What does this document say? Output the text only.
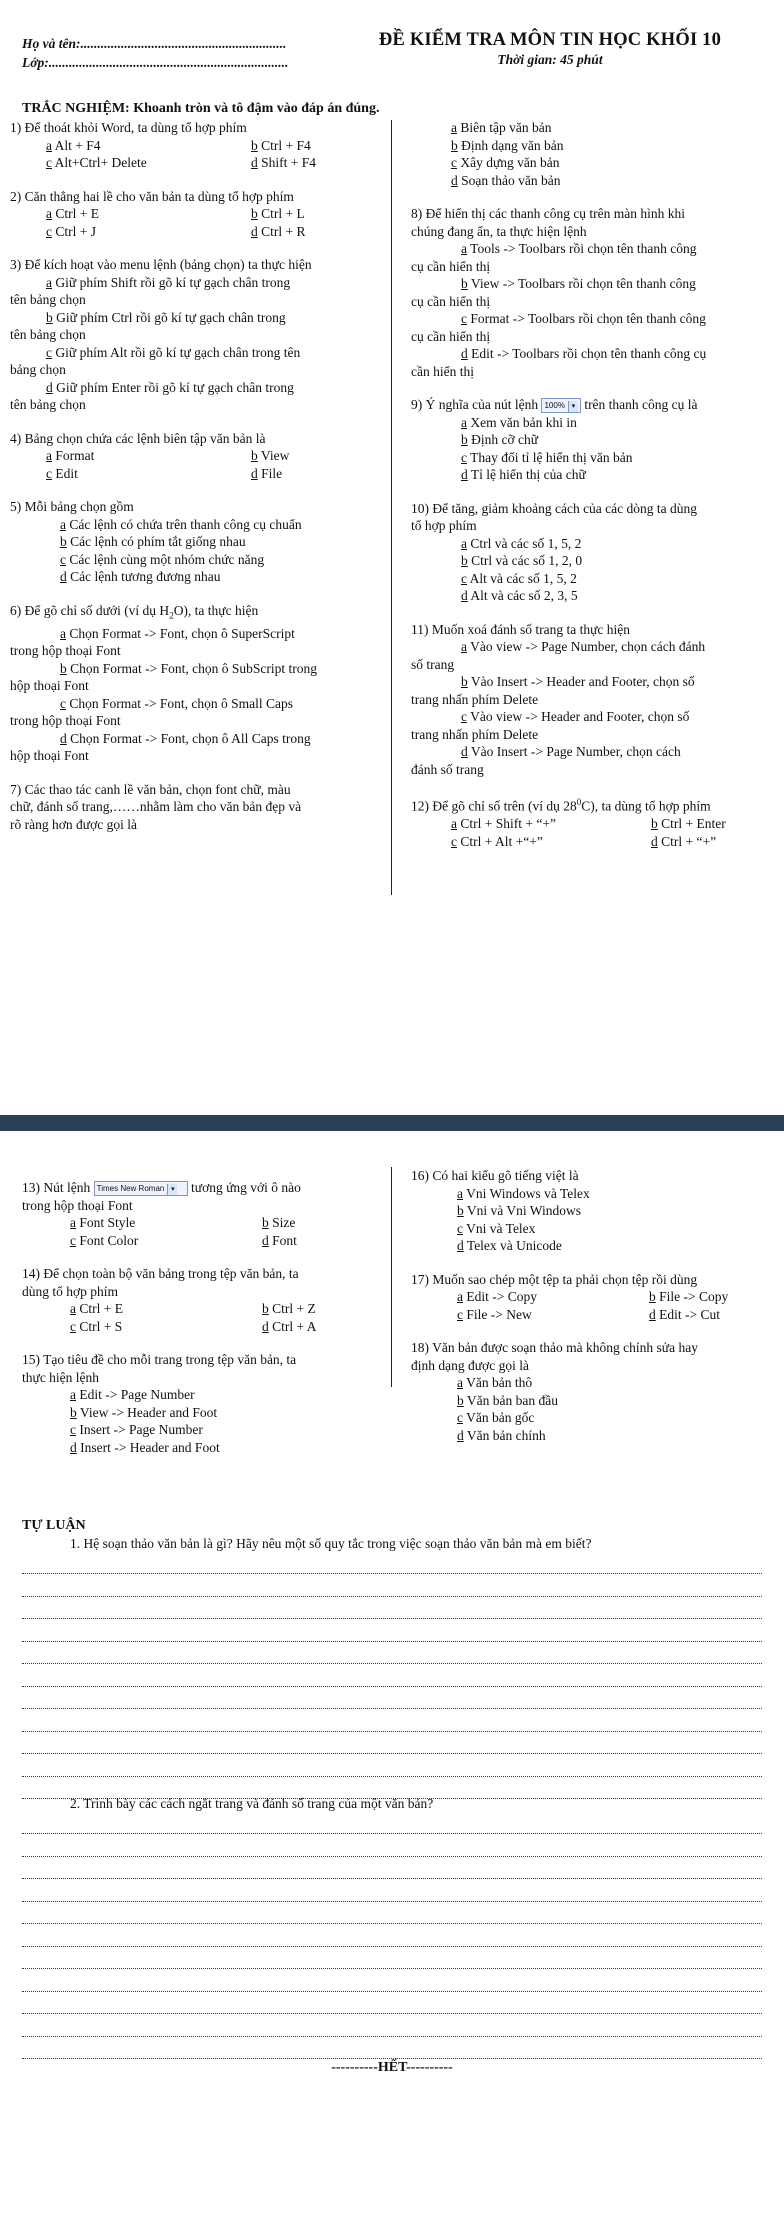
Họ và tên:.............................................................
Lớp:.......................................................................
ĐỀ KIỂM TRA MÔN TIN HỌC KHỐI 10
Thời gian: 45 phút
TRẮC NGHIỆM: Khoanh tròn và tô đậm vào đáp án đúng.
1) Để thoát khỏi Word, ta dùng tổ hợp phím
a Alt + F4	b Ctrl + F4
c Alt+Ctrl+ Delete	d Shift + F4
2) Căn thẳng hai lề cho văn bản ta dùng tổ hợp phím
a Ctrl + E	b Ctrl + L
c Ctrl + J	d Ctrl + R
3) Để kích hoạt vào menu lệnh (bảng chọn) ta thực hiện
a Giữ phím Shift rồi gõ kí tự gạch chân trong
tên bảng chọn
b Giữ phím Ctrl rồi gõ kí tự gạch chân trong
tên bảng chọn
c Giữ phím Alt rồi gõ kí tự gạch chân trong tên
bảng chọn
d Giữ phím Enter rồi gõ kí tự gạch chân trong
tên bảng chọn
4) Bảng chọn chứa các lệnh biên tập văn bản là
a Format	b View
c Edit	d File
5) Mỗi bảng chọn gồm
a Các lệnh có chứa trên thanh công cụ chuẩn
b Các lệnh có phím tắt giống nhau
c Các lệnh cùng một nhóm chức năng
d Các lệnh tương đương nhau
6) Để gõ chỉ số dưới (ví dụ $H_2O$), ta thực hiện
a Chọn Format -> Font, chọn ô SuperScript
trong hộp thoại Font
b Chọn Format -> Font, chọn ô SubScript trong
hộp thoại Font
c Chọn Format -> Font, chọn ô Small Caps
trong hộp thoại Font
d Chọn Format -> Font, chọn ô All Caps trong
hộp thoại Font
7) Các thao tác canh lề văn bản, chọn font chữ, màu
chữ, đánh số trang,……nhằm làm cho văn bản đẹp và
rõ ràng hơn được gọi là
a Biên tập văn bản
b Định dạng văn bản
c Xây dựng văn bản
d Soạn thảo văn bản
8) Để hiển thị các thanh công cụ trên màn hình khi
chúng đang ẩn, ta thực hiện lệnh
a Tools -> Toolbars rồi chọn tên thanh công
cụ cần hiển thị
b View -> Toolbars rồi chọn tên thanh công
cụ cần hiển thị
c Format -> Toolbars rồi chọn tên thanh công
cụ cần hiển thị
d Edit -> Toolbars rồi chọn tên thanh công cụ
cần hiển thị
9) Ý nghĩa của nút lệnh 100% ▾ trên thanh công cụ là
a Xem văn bản khi in
b Định cỡ chữ
c Thay đổi tỉ lệ hiển thị văn bản
d Tỉ lệ hiển thị của chữ
10) Để tăng, giảm khoảng cách của các dòng ta dùng
tổ hợp phím
a Ctrl và các số 1, 5, 2
b Ctrl và các số 1, 2, 0
c Alt và các số 1, 5, 2
d Alt và các số 2, 3, 5
11) Muốn xoá đánh số trang ta thực hiện
a Vào view -> Page Number, chọn cách đánh
số trang
b Vào Insert -> Header and Footer, chọn số
trang nhấn phím Delete
c Vào view -> Header and Footer, chọn số
trang nhấn phím Delete
d Vào Insert -> Page Number, chọn cách
đánh số trang
12) Để gõ chỉ số trên (ví dụ $28^0C$), ta dùng tổ hợp phím
a Ctrl + Shift + “+”	b Ctrl + Enter
c Ctrl + Alt +“+”	d Ctrl + “+”
13) Nút lệnh Times New Roman ▾ tương ứng với ô nào
trong hộp thoại Font
a Font Style	b Size
c Font Color	d Font
14) Để chọn toàn bộ văn bảng trong tệp văn bản, ta
dùng tổ hợp phím
a Ctrl + E	b Ctrl + Z
c Ctrl + S	d Ctrl + A
15) Tạo tiêu đề cho mỗi trang trong tệp văn bản, ta
thực hiện lệnh
a Edit -> Page Number
b View -> Header and Foot
c Insert -> Page Number
d Insert -> Header and Foot
16) Có hai kiểu gõ tiếng việt là
a Vni Windows và Telex
b Vni và Vni Windows
c Vni và Telex
d Telex và Unicode
17) Muốn sao chép một tệp ta phải chọn tệp rồi dùng
a Edit -> Copy	b File -> Copy
c File -> New	d Edit -> Cut
18) Văn bản được soạn thảo mà không chỉnh sửa hay
định dạng được gọi là
a Văn bản thô
b Văn bản ban đầu
c Văn bản gốc
d Văn bản chính
TỰ LUẬN
1. Hệ soạn thảo văn bản là gì? Hãy nêu một số quy tắc trong việc soạn thảo văn bản mà em biết?
2. Trình bày các cách ngắt trang và đánh số trang của một văn bản?
----------HẾT----------
